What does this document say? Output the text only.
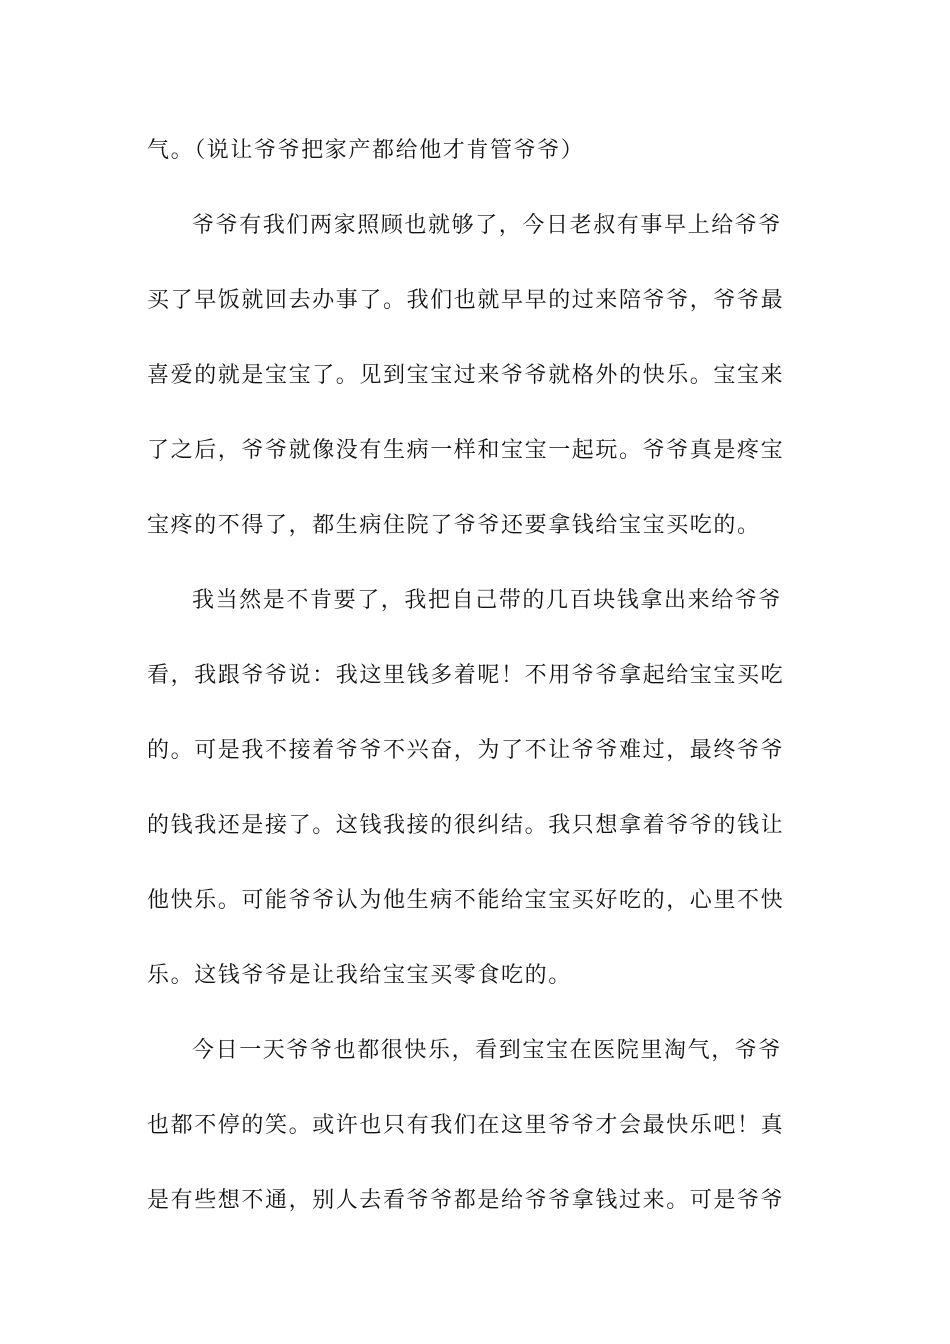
气。（说让爷爷把家产都给他才肯管爷爷）
爷爷有我们两家照顾也就够了，今日老叔有事早上给爷爷
买了早饭就回去办事了。我们也就早早的过来陪爷爷，爷爷最
喜爱的就是宝宝了。见到宝宝过来爷爷就格外的快乐。宝宝来
了之后，爷爷就像没有生病一样和宝宝一起玩。爷爷真是疼宝
宝疼的不得了，都生病住院了爷爷还要拿钱给宝宝买吃的。
我当然是不肯要了，我把自己带的几百块钱拿出来给爷爷
看，我跟爷爷说：我这里钱多着呢！不用爷爷拿起给宝宝买吃
的。可是我不接着爷爷不兴奋，为了不让爷爷难过，最终爷爷
的钱我还是接了。这钱我接的很纠结。我只想拿着爷爷的钱让
他快乐。可能爷爷认为他生病不能给宝宝买好吃的，心里不快
乐。这钱爷爷是让我给宝宝买零食吃的。
今日一天爷爷也都很快乐，看到宝宝在医院里淘气，爷爷
也都不停的笑。或许也只有我们在这里爷爷才会最快乐吧！真
是有些想不通，别人去看爷爷都是给爷爷拿钱过来。可是爷爷
